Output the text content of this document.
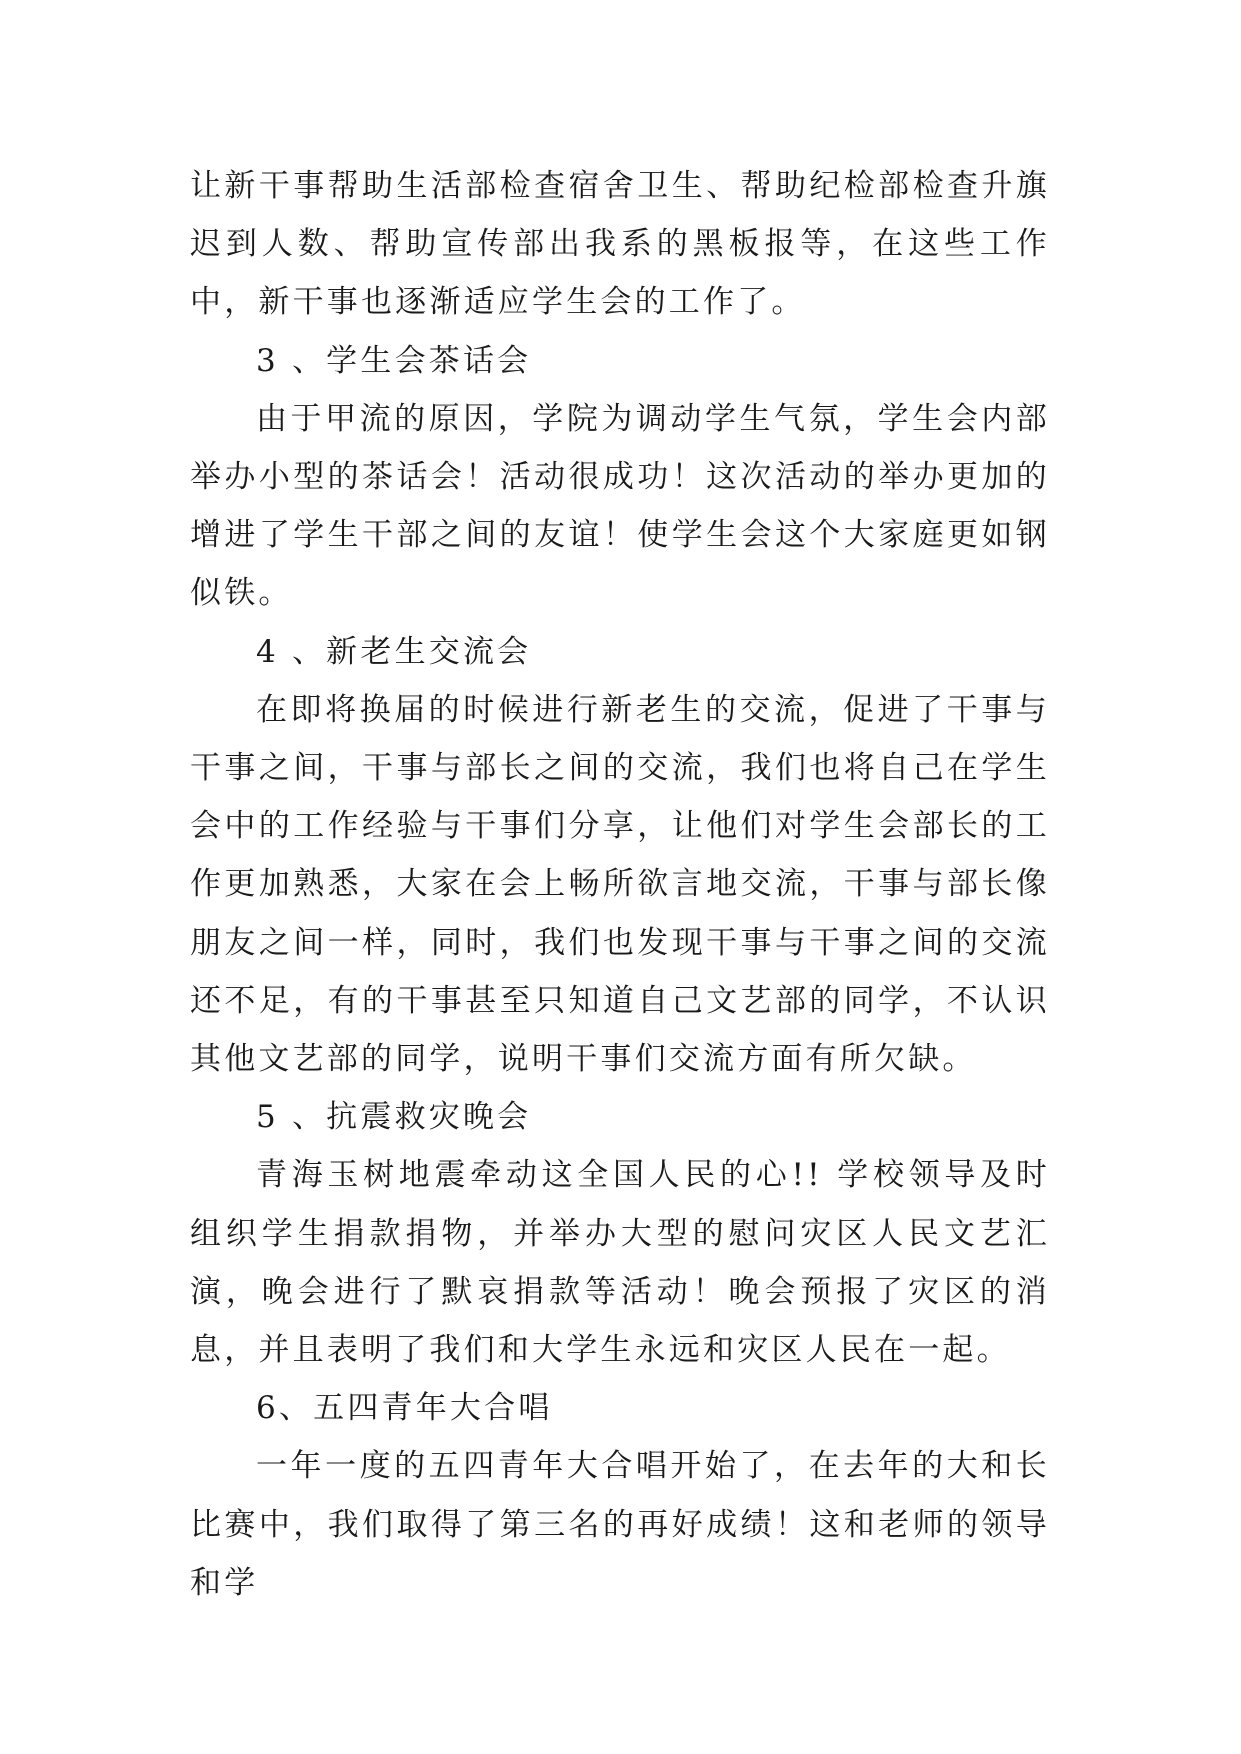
让新干事帮助生活部检查宿舍卫生、帮助纪检部检查升旗迟到人数、帮助宣传部出我系的黑板报等，在这些工作中，新干事也逐渐适应学生会的工作了。

3 、学生会茶话会

由于甲流的原因，学院为调动学生气氛，学生会内部举办小型的茶话会！活动很成功！这次活动的举办更加的增进了学生干部之间的友谊！使学生会这个大家庭更如钢似铁。

4 、新老生交流会

在即将换届的时候进行新老生的交流，促进了干事与干事之间，干事与部长之间的交流，我们也将自己在学生会中的工作经验与干事们分享，让他们对学生会部长的工作更加熟悉，大家在会上畅所欲言地交流，干事与部长像朋友之间一样，同时，我们也发现干事与干事之间的交流还不足，有的干事甚至只知道自己文艺部的同学，不认识其他文艺部的同学，说明干事们交流方面有所欠缺。

5 、抗震救灾晚会

青海玉树地震牵动这全国人民的心!! 学校领导及时组织学生捐款捐物，并举办大型的慰问灾区人民文艺汇演，晚会进行了默哀捐款等活动！晚会预报了灾区的消息，并且表明了我们和大学生永远和灾区人民在一起。

6、五四青年大合唱

一年一度的五四青年大合唱开始了，在去年的大和长比赛中，我们取得了第三名的再好成绩！这和老师的领导和学
